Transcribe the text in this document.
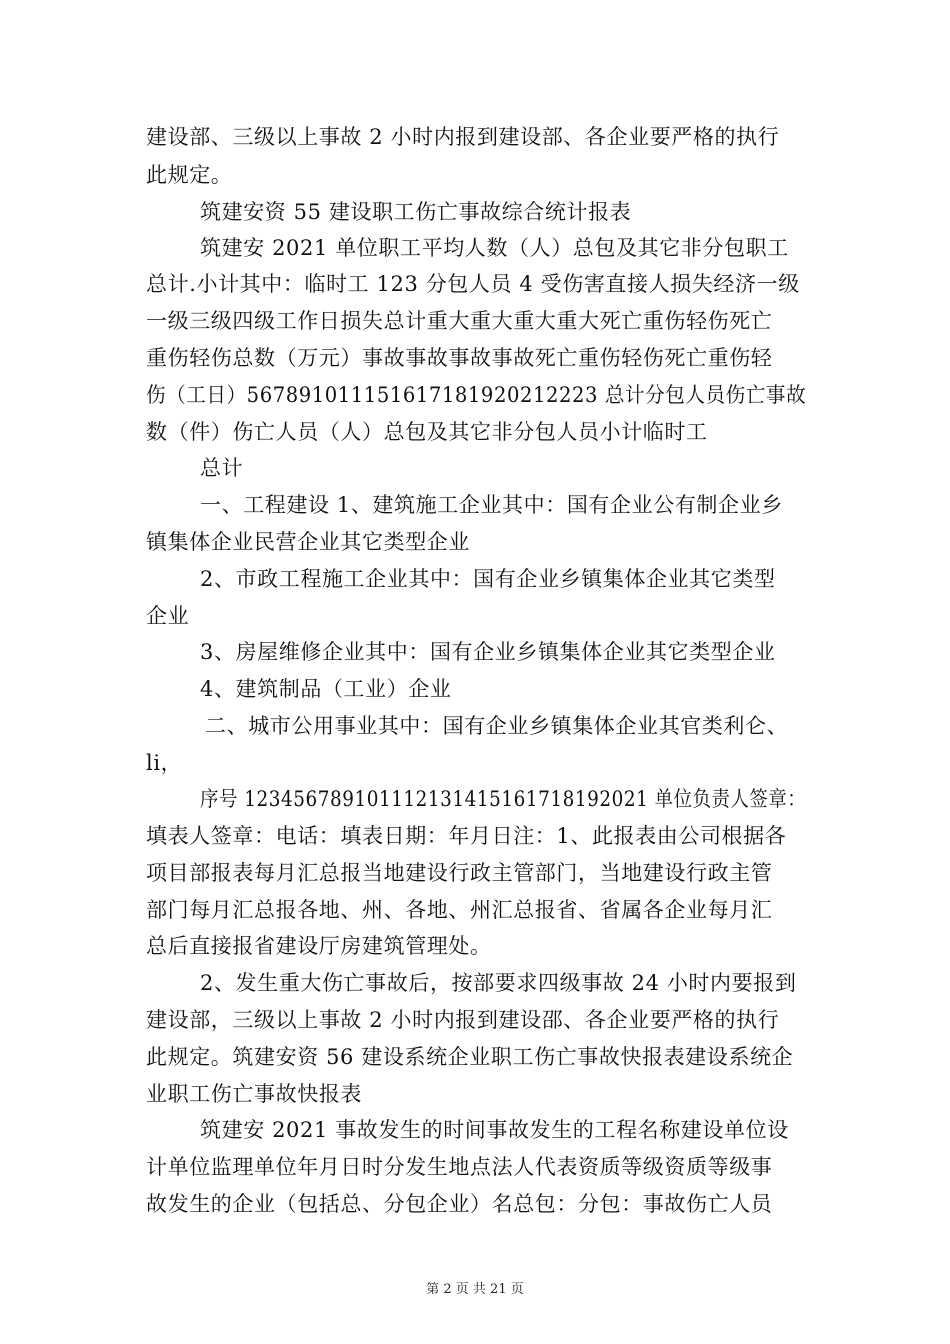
建设部、三级以上事故 2 小时内报到建设部、各企业要严格的执行
此规定。
筑建安资 55 建设职工伤亡事故综合统计报表
筑建安 2021 单位职工平均人数（人）总包及其它非分包职工
总计.小计其中：临时工 123 分包人员 4 受伤害直接人损失经济一级
一级三级四级工作日损失总计重大重大重大重大死亡重伤轻伤死亡
重伤轻伤总数（万元）事故事故事故事故死亡重伤轻伤死亡重伤轻
伤（工日）5678910111516171819202122​23 总计分包人员伤亡事故
数（件）伤亡人员（人）总包及其它非分包人员小计临时工
总计
一、工程建设 1、建筑施工企业其中：国有企业公有制企业乡
镇集体企业民营企业其它类型企业
2、市政工程施工企业其中：国有企业乡镇集体企业其它类型
企业
3、房屋维修企业其中：国有企业乡镇集体企业其它类型企业
4、建筑制品（工业）企业
二、城市公用事业其中：国有企业乡镇集体企业其官类利仑、
li，
序号 123456789101112131415161718192021 单位负责人签章：
填表人签章：电话：填表日期：年月日注：1、此报表由公司根据各
项目部报表每月汇总报当地建设行政主管部门，当地建设行政主管
部门每月汇总报各地、州、各地、州汇总报省、省属各企业每月汇
总后直接报省建设厅房建筑管理处。
2、发生重大伤亡事故后，按部要求四级事故 24 小时内要报到
建设部，三级以上事故 2 小时内报到建设邵、各企业要严格的执行
此规定。筑建安资 56 建设系统企业职工伤亡事故快报表建设系统企
业职工伤亡事故快报表
筑建安 2021 事故发生的时间事故发生的工程名称建设单位设
计单位监理单位年月日时分发生地点法人代表资质等级资质等级事
故发生的企业（包括总、分包企业）名总包：分包：事故伤亡人员
第 2 页 共 21 页
